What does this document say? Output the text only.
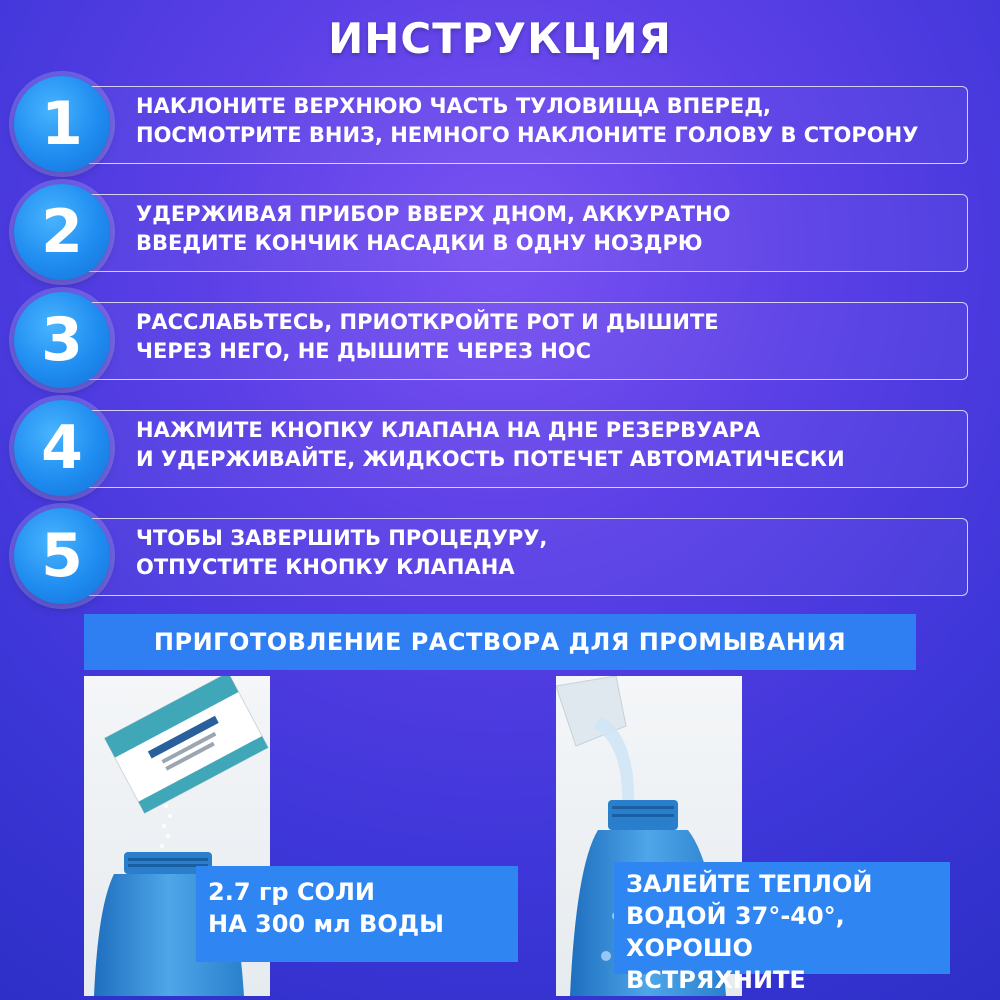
ИНСТРУКЦИЯ
1	НАКЛОНИТЕ ВЕРХНЮЮ ЧАСТЬ ТУЛОВИЩА ВПЕРЕД,
ПОСМОТРИТЕ ВНИЗ, НЕМНОГО НАКЛОНИТЕ ГОЛОВУ В СТОРОНУ
2	УДЕРЖИВАЯ ПРИБОР ВВЕРХ ДНОМ, АККУРАТНО
ВВЕДИТЕ КОНЧИК НАСАДКИ В ОДНУ НОЗДРЮ
3	РАССЛАБЬТЕСЬ, ПРИОТКРОЙТЕ РОТ И ДЫШИТЕ
ЧЕРЕЗ НЕГО, НЕ ДЫШИТЕ ЧЕРЕЗ НОС
4	НАЖМИТЕ КНОПКУ КЛАПАНА НА ДНЕ РЕЗЕРВУАРА
И УДЕРЖИВАЙТЕ, ЖИДКОСТЬ ПОТЕЧЕТ АВТОМАТИЧЕСКИ
5	ЧТОБЫ ЗАВЕРШИТЬ ПРОЦЕДУРУ,
ОТПУСТИТЕ КНОПКУ КЛАПАНА
ПРИГОТОВЛЕНИЕ РАСТВОРА ДЛЯ ПРОМЫВАНИЯ
2.7 гр СОЛИ
НА 300 мл ВОДЫ
ЗАЛЕЙТЕ ТЕПЛОЙ
ВОДОЙ 37°-40°,
ХОРОШО ВСТРЯХНИТЕ
